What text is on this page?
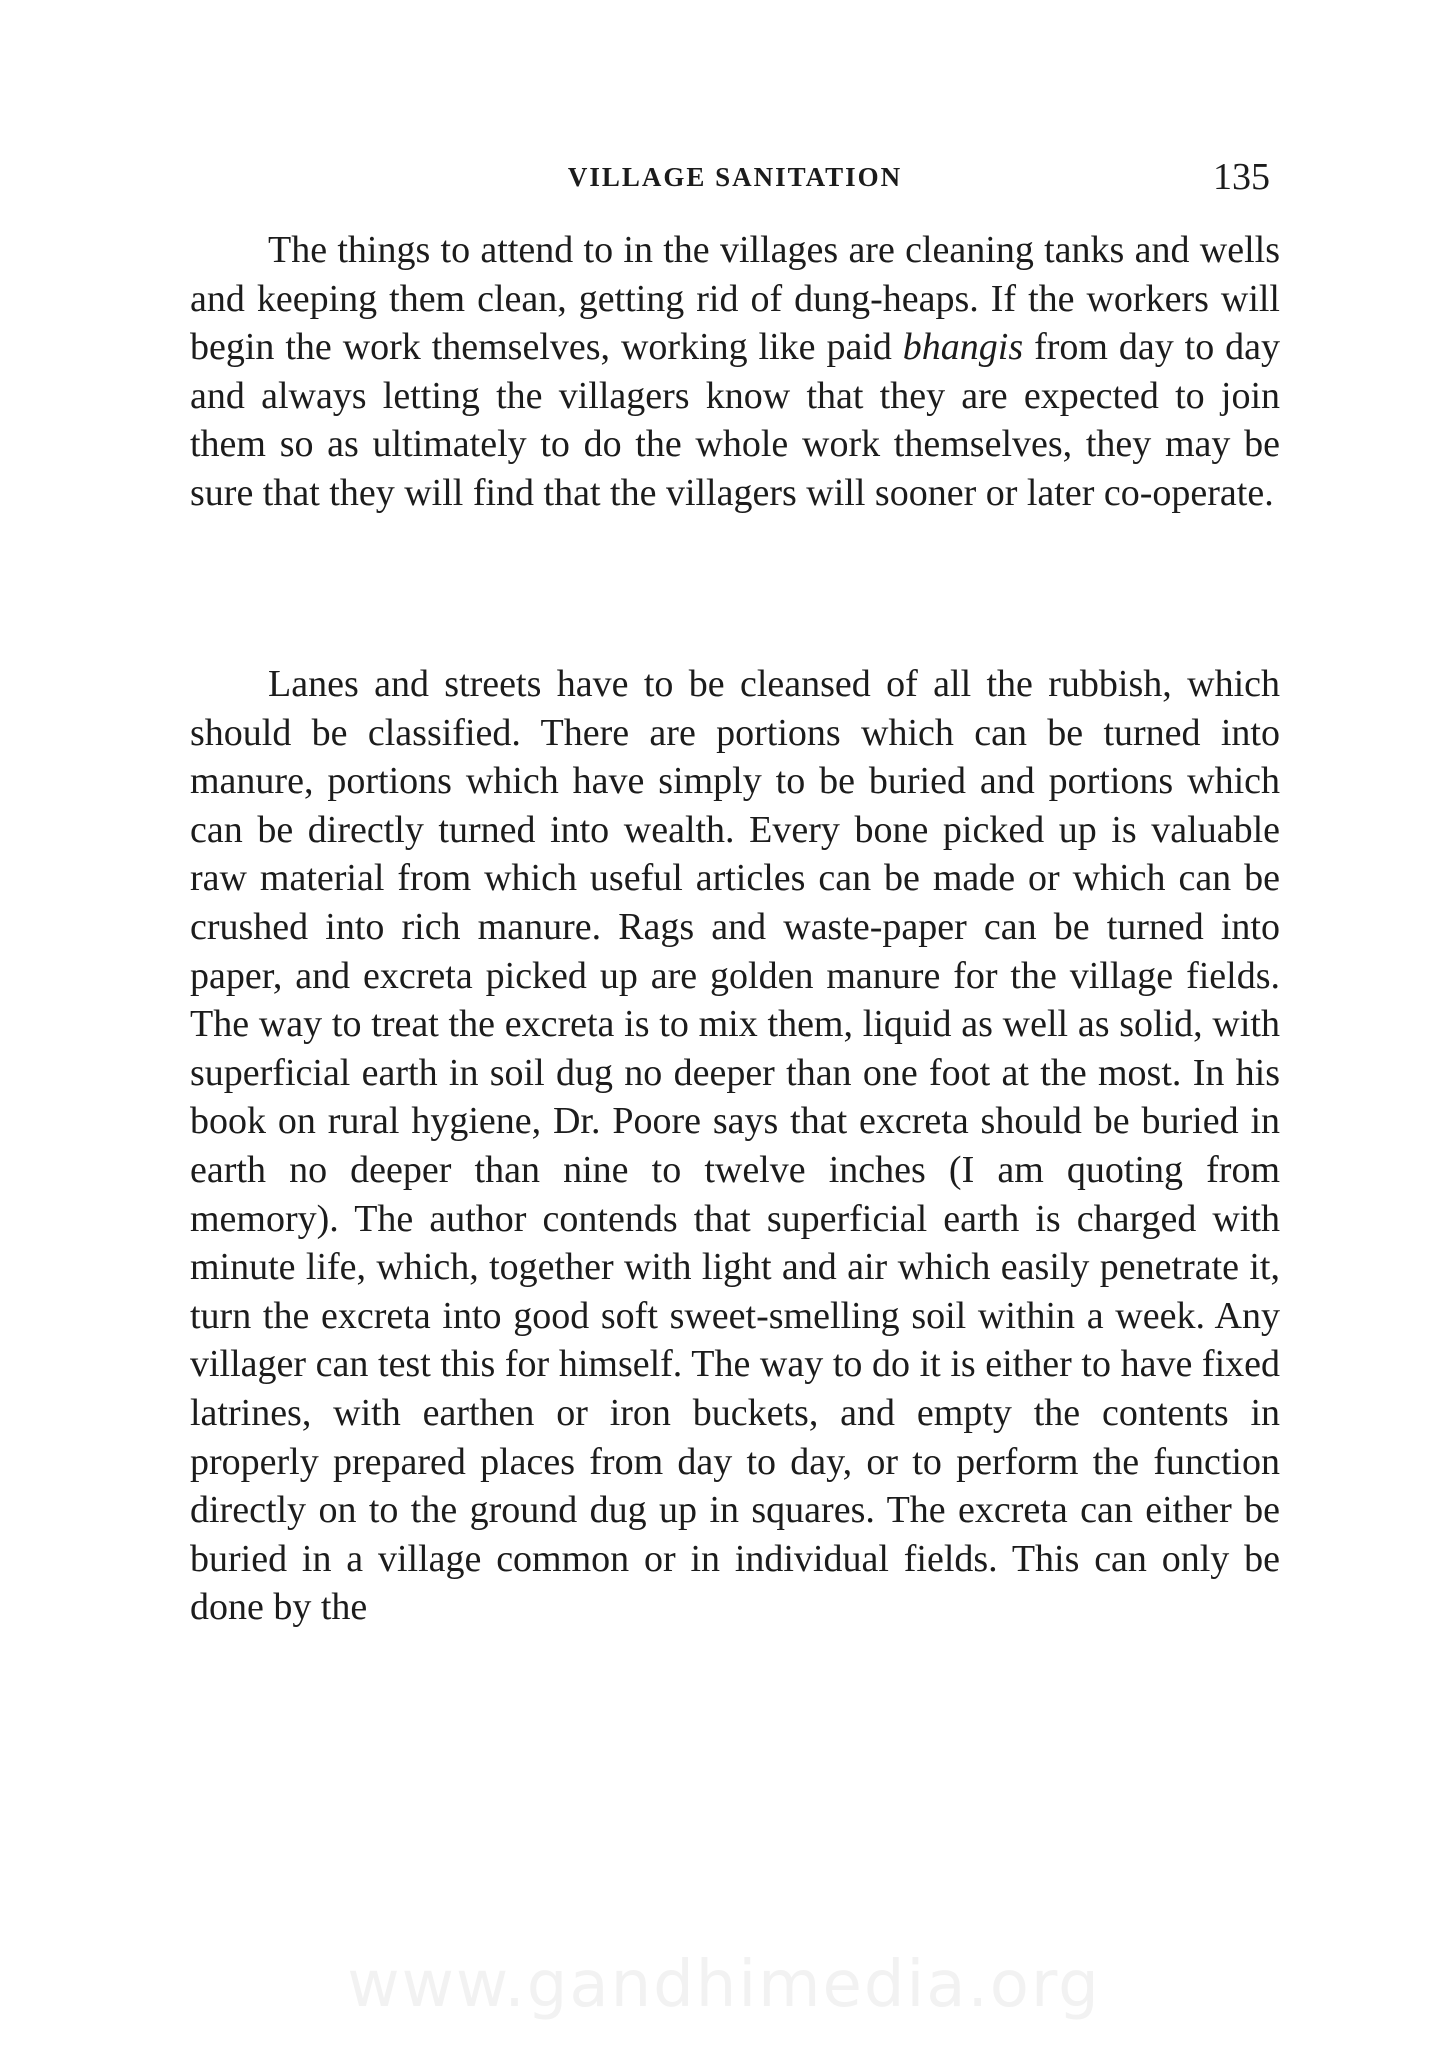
VILLAGE SANITATION	135

The things to attend to in the villages are cleaning tanks and wells and keeping them clean, getting rid of dung-heaps. If the workers will begin the work themselves, working like paid bhangis from day to day and always letting the villagers know that they are expected to join them so as ultimately to do the whole work themselves, they may be sure that they will find that the villagers will sooner or later co-operate.

Lanes and streets have to be cleansed of all the rubbish, which should be classified. There are portions which can be turned into manure, portions which have simply to be buried and portions which can be directly turned into wealth. Every bone picked up is valuable raw material from which useful articles can be made or which can be crushed into rich manure. Rags and waste-paper can be turned into paper, and excreta picked up are golden manure for the village fields. The way to treat the excreta is to mix them, liquid as well as solid, with superficial earth in soil dug no deeper than one foot at the most. In his book on rural hygiene, Dr. Poore says that excreta should be buried in earth no deeper than nine to twelve inches (I am quoting from memory). The author contends that superficial earth is charged with minute life, which, together with light and air which easily penetrate it, turn the excreta into good soft sweet-smelling soil within a week. Any villager can test this for himself. The way to do it is either to have fixed latrines, with earthen or iron buckets, and empty the contents in properly prepared places from day to day, or to perform the function directly on to the ground dug up in squares. The excreta can either be buried in a village common or in individual fields. This can only be done by the

www.gandhimedia.org
